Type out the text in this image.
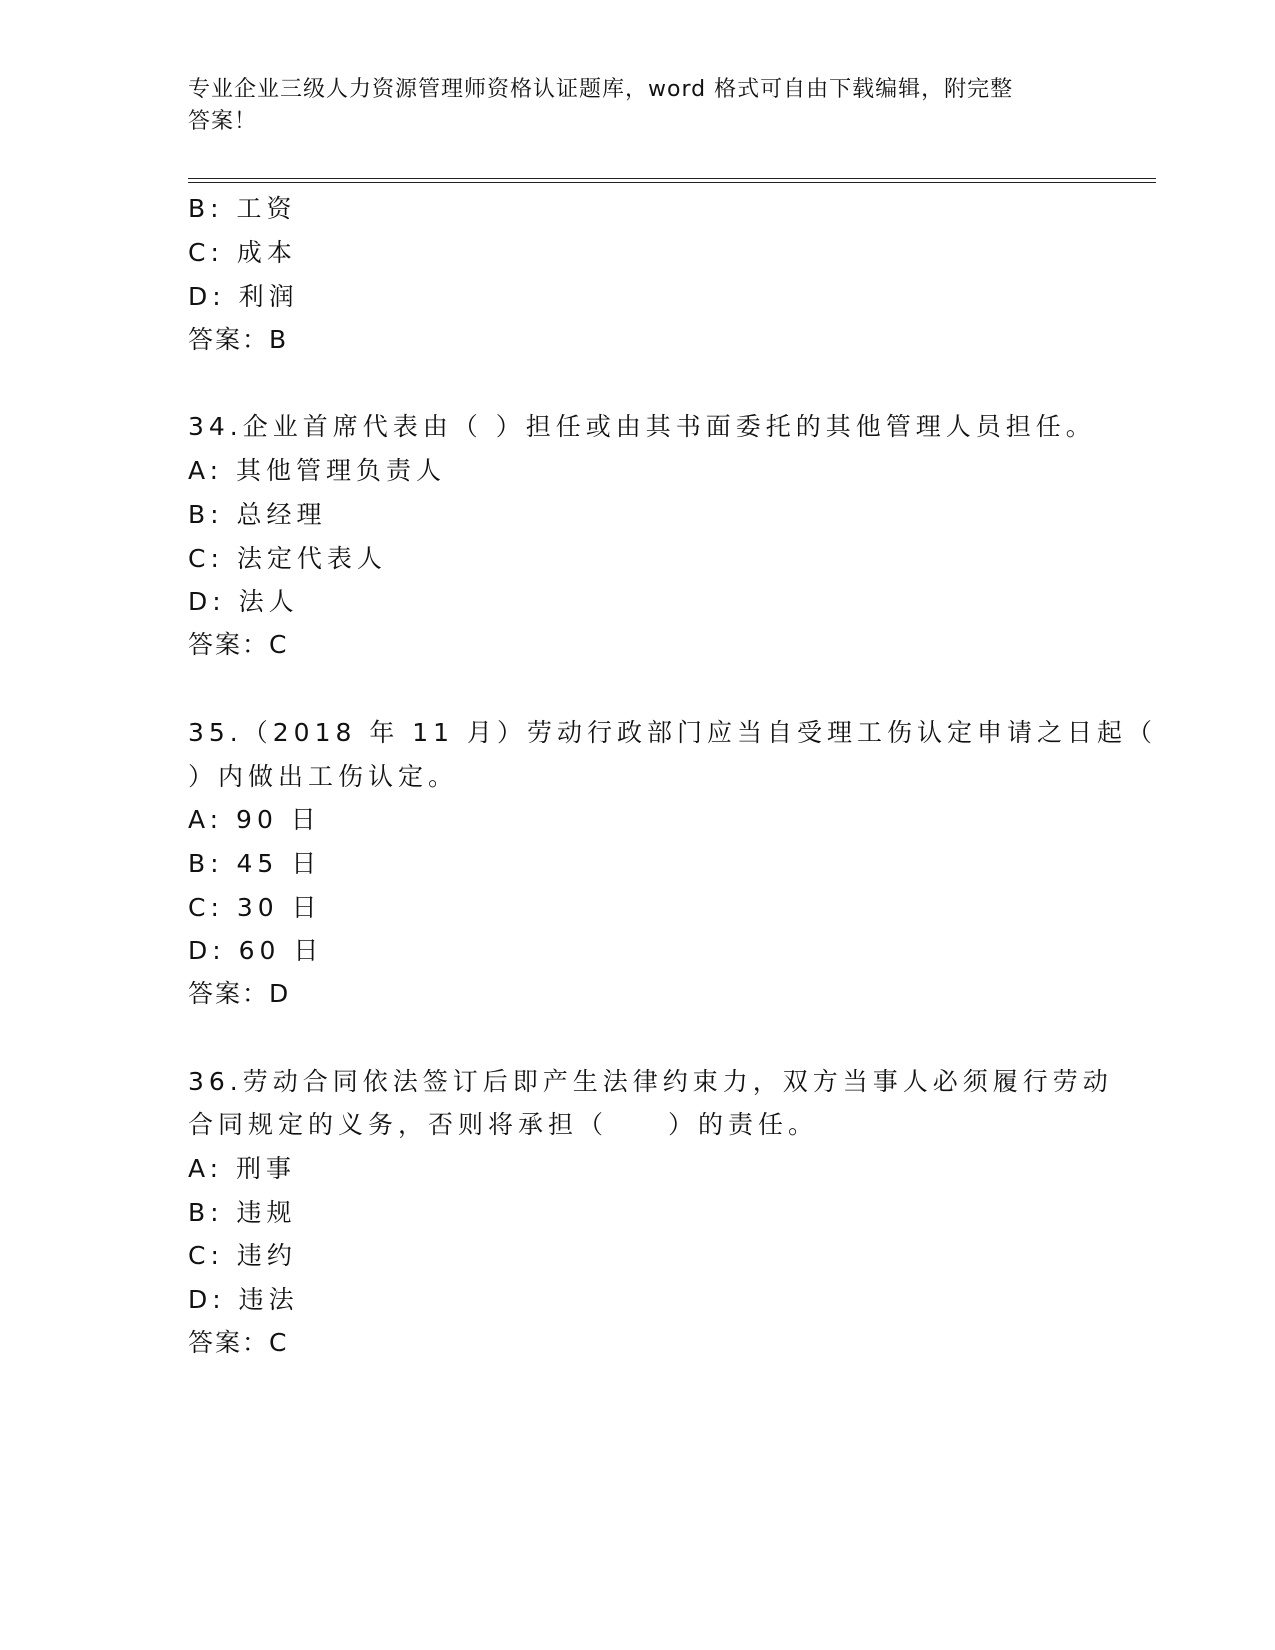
专业企业三级人力资源管理师资格认证题库，word 格式可自由下载编辑，附完整
答案！
B: 工资
C: 成本
D: 利润
答案：B
34.企业首席代表由（ ）担任或由其书面委托的其他管理人员担任。
A: 其他管理负责人
B: 总经理
C: 法定代表人
D: 法人
答案：C
35.（2018 年 11 月）劳动行政部门应当自受理工伤认定申请之日起（
）内做出工伤认定。
A: 90 日
B: 45 日
C: 30 日
D: 60 日
答案：D
36.劳动合同依法签订后即产生法律约束力，双方当事人必须履行劳动
合同规定的义务，否则将承担（　　）的责任。
A: 刑事
B: 违规
C: 违约
D: 违法
答案：C
